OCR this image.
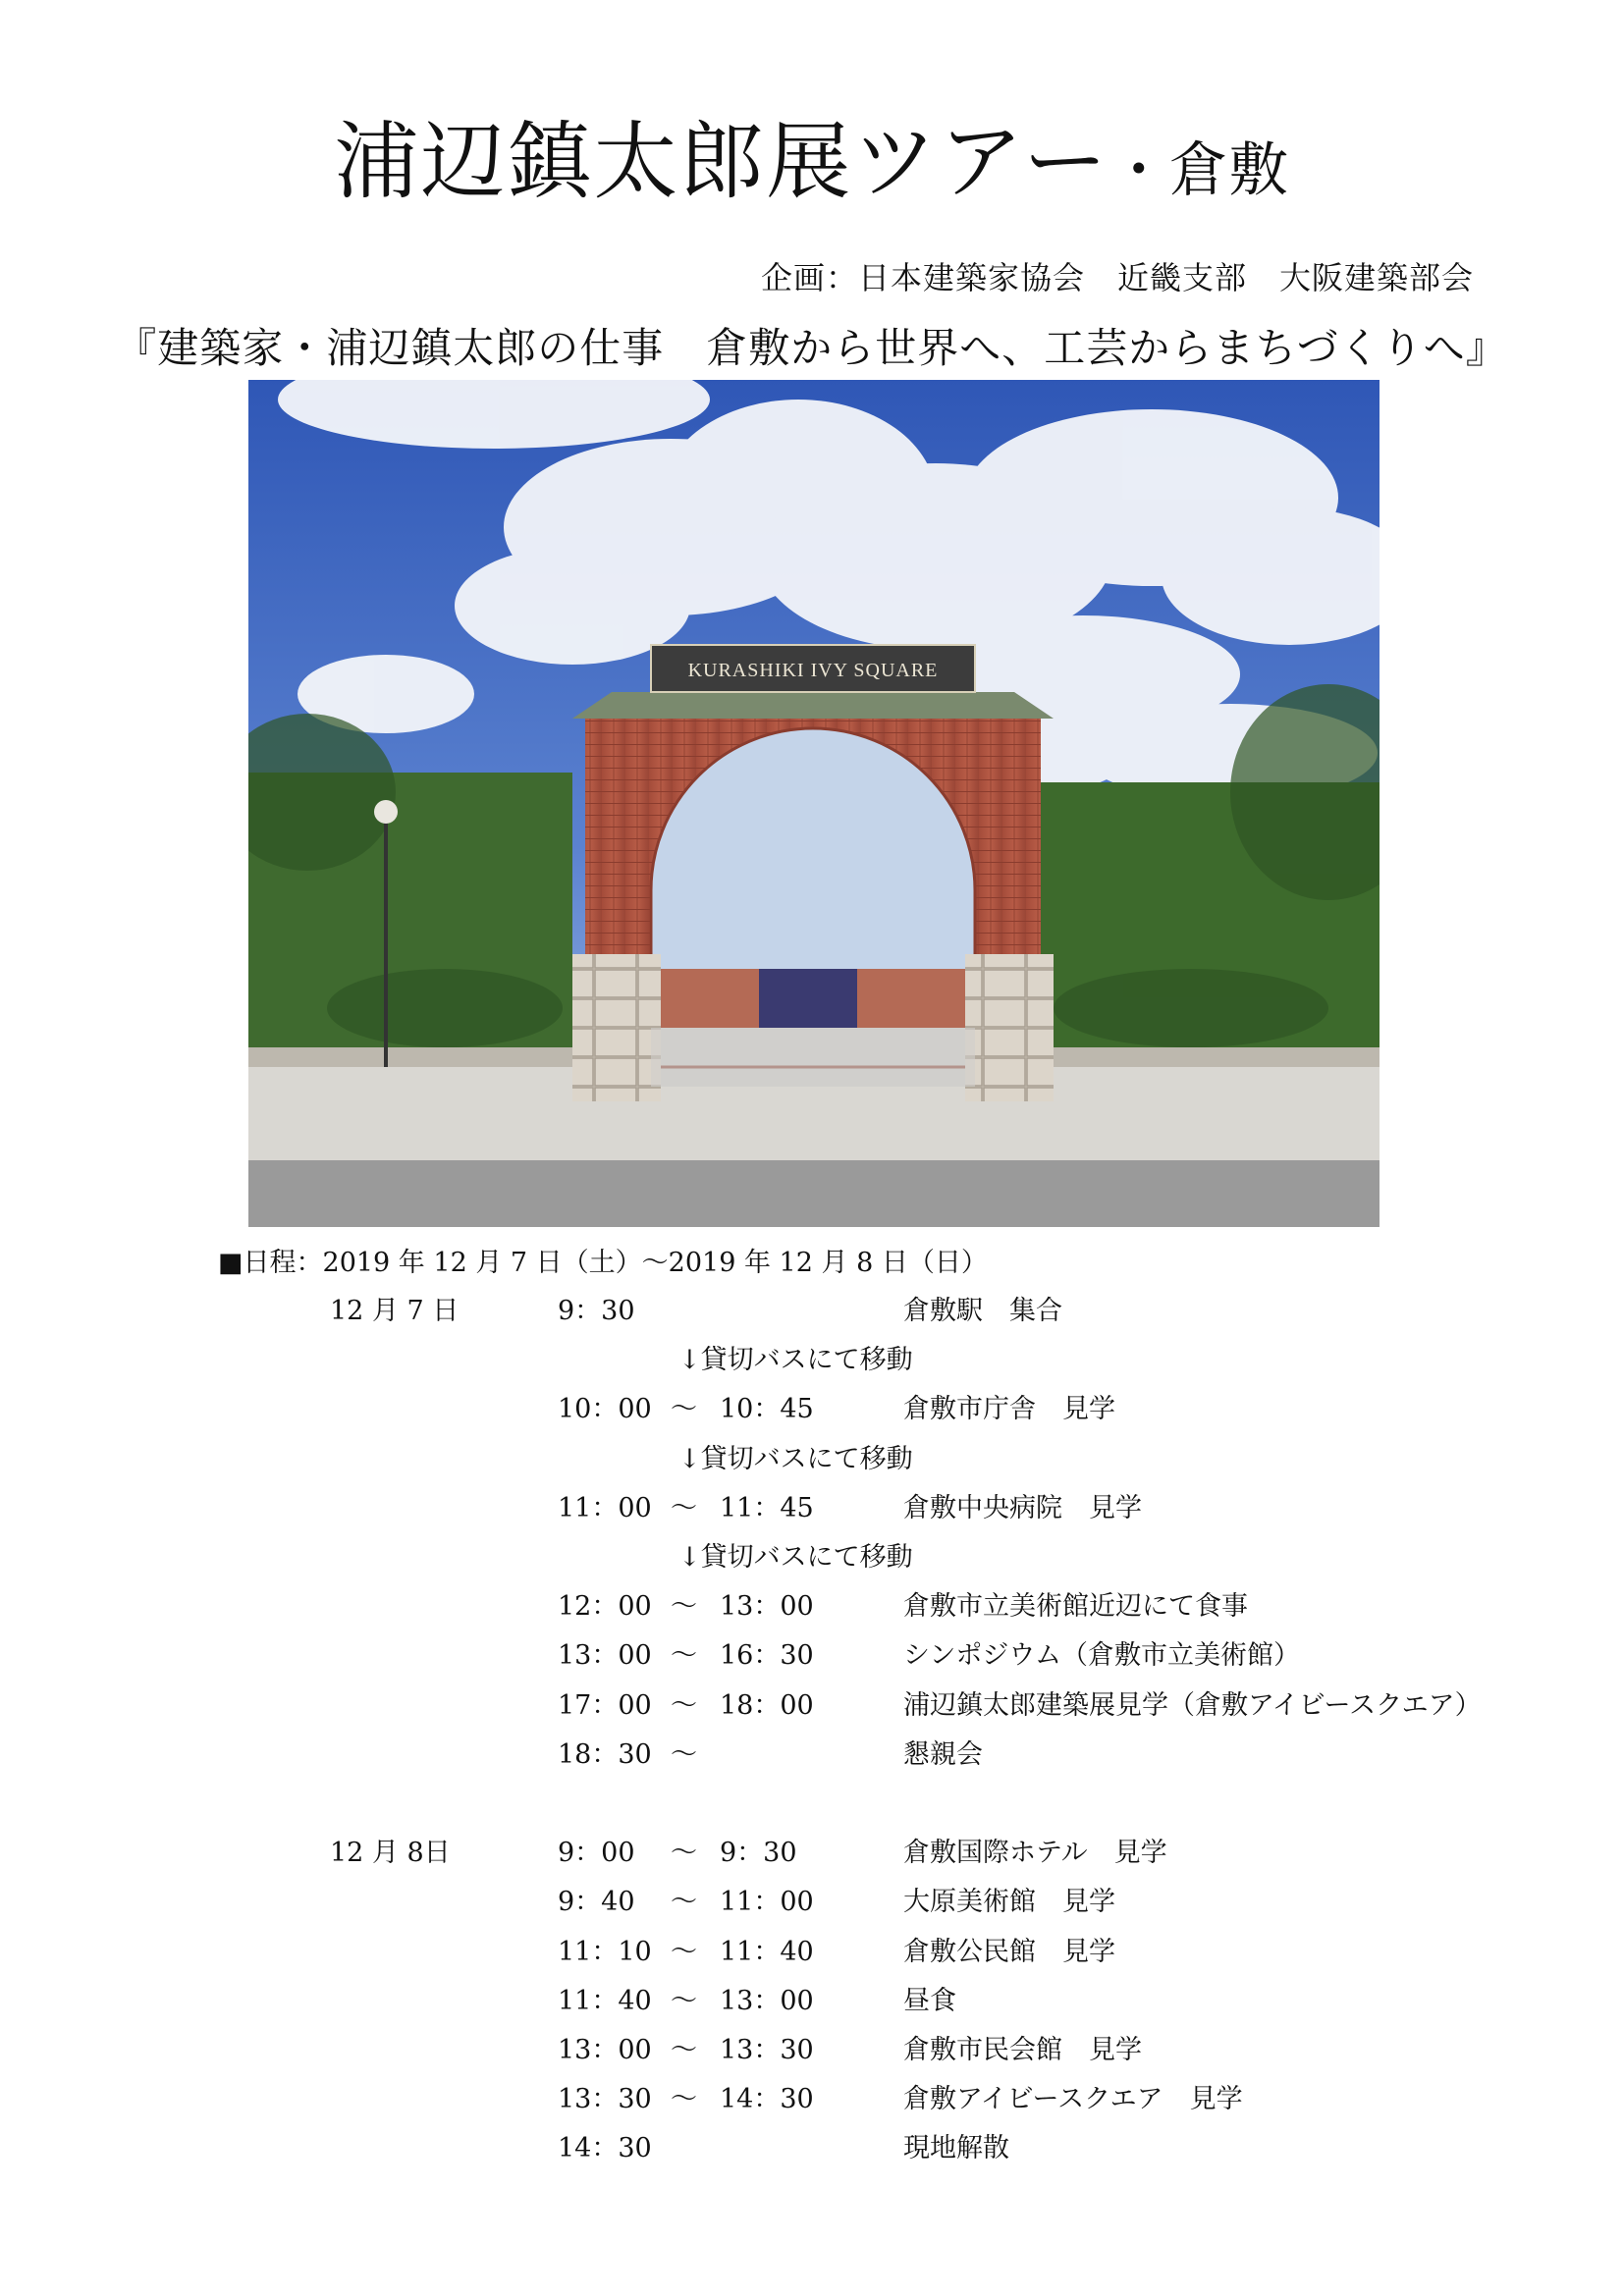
浦辺鎮太郎展ツアー・倉敷
企画：日本建築家協会　近畿支部　大阪建築部会
『建築家・浦辺鎮太郎の仕事　倉敷から世界へ、工芸からまちづくりへ』
KURASHIKI IVY SQUARE
■日程：2019 年 12 月 7 日（土）～2019 年 12 月 8 日（日）
12 月 7 日	9：30	倉敷駅　集合
↓貸切バスにて移動
10：00 ～ 10：45	倉敷市庁舎　見学
↓貸切バスにて移動
11：00 ～ 11：45	倉敷中央病院　見学
↓貸切バスにて移動
12：00 ～ 13：00	倉敷市立美術館近辺にて食事
13：00 ～ 16：30	シンポジウム（倉敷市立美術館）
17：00 ～ 18：00	浦辺鎮太郎建築展見学（倉敷アイビースクエア）
18：30 ～	懇親会
12 月 8日	9：00 ～ 9：30	倉敷国際ホテル　見学
9：40 ～ 11：00	大原美術館　見学
11：10 ～ 11：40	倉敷公民館　見学
11：40 ～ 13：00	昼食
13：00 ～ 13：30	倉敷市民会館　見学
13：30 ～ 14：30	倉敷アイビースクエア　見学
14：30	現地解散
